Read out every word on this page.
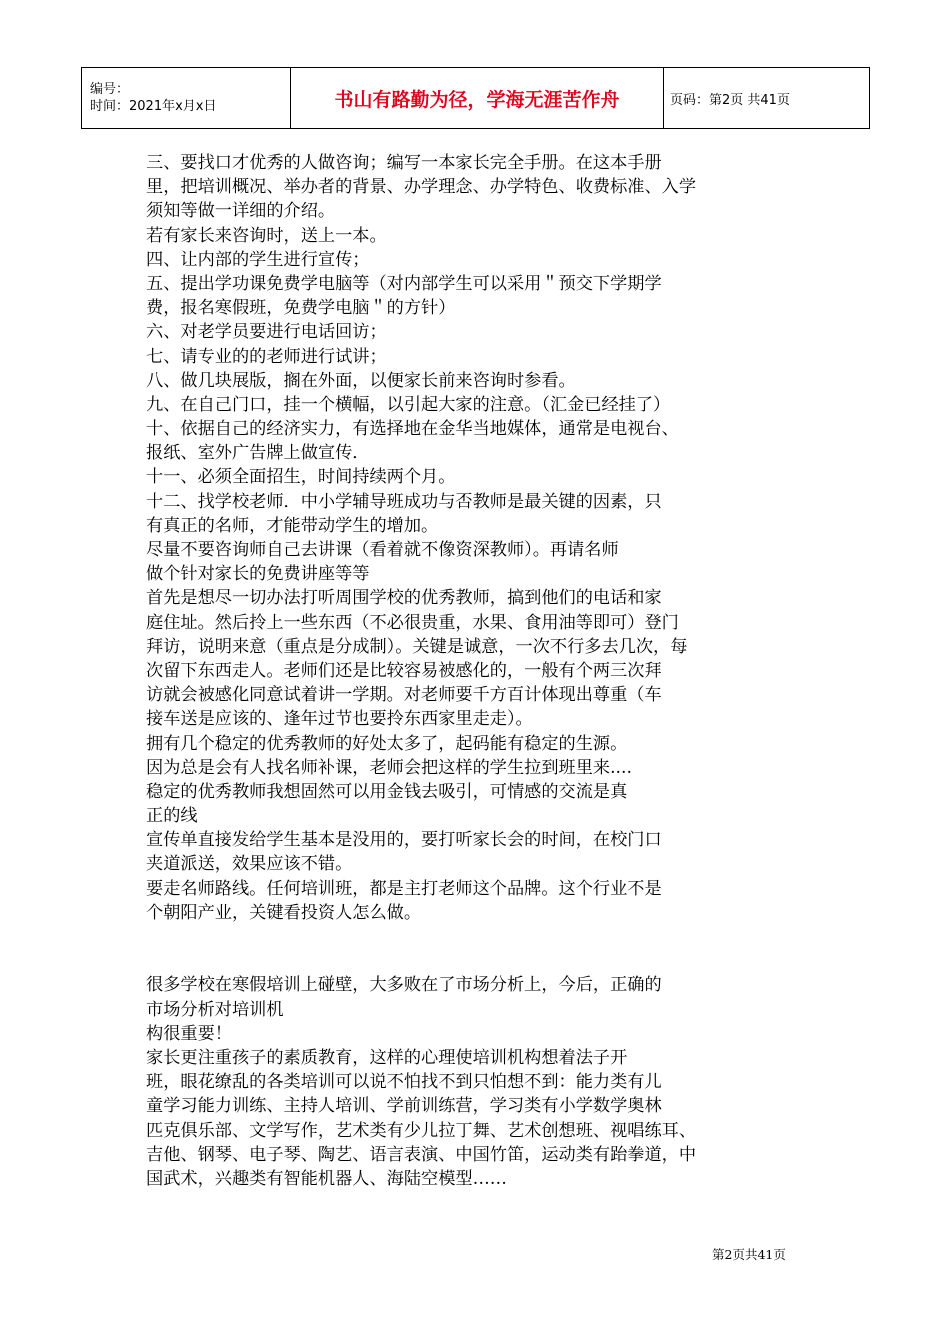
编号：
时间：2021年x月x日	书山有路勤为径，学海无涯苦作舟	页码：第2页 共41页
三、要找口才优秀的人做咨询；编写一本家长完全手册。在这本手册
里，把培训概况、举办者的背景、办学理念、办学特色、收费标准、入学
须知等做一详细的介绍。
若有家长来咨询时，送上一本。
四、让内部的学生进行宣传；
五、提出学功课免费学电脑等（对内部学生可以采用＂预交下学期学
费，报名寒假班，免费学电脑＂的方针）
六、对老学员要进行电话回访；
七、请专业的的老师进行试讲；
八、做几块展版，搁在外面，以便家长前来咨询时参看。
九、在自己门口，挂一个横幅，以引起大家的注意。（汇金已经挂了）
十、依据自己的经济实力，有选择地在金华当地媒体，通常是电视台、
报纸、室外广告牌上做宣传．
十一、必须全面招生，时间持续两个月。
十二、找学校老师．中小学辅导班成功与否教师是最关键的因素，只
有真正的名师，才能带动学生的增加。
尽量不要咨询师自己去讲课（看着就不像资深教师）。再请名师
做个针对家长的免费讲座等等
首先是想尽一切办法打听周围学校的优秀教师，搞到他们的电话和家
庭住址。然后拎上一些东西（不必很贵重，水果、食用油等即可）登门
拜访，说明来意（重点是分成制）。关键是诚意，一次不行多去几次，每
次留下东西走人。老师们还是比较容易被感化的，一般有个两三次拜
访就会被感化同意试着讲一学期。对老师要千方百计体现出尊重（车
接车送是应该的、逢年过节也要拎东西家里走走）。
拥有几个稳定的优秀教师的好处太多了，起码能有稳定的生源。
因为总是会有人找名师补课，老师会把这样的学生拉到班里来....
稳定的优秀教师我想固然可以用金钱去吸引，可情感的交流是真
正的线
宣传单直接发给学生基本是没用的，要打听家长会的时间，在校门口
夹道派送，效果应该不错。
要走名师路线。任何培训班，都是主打老师这个品牌。这个行业不是
个朝阳产业，关键看投资人怎么做。
很多学校在寒假培训上碰壁，大多败在了市场分析上，今后，正确的
市场分析对培训机
构很重要！
家长更注重孩子的素质教育，这样的心理使培训机构想着法子开
班，眼花缭乱的各类培训可以说不怕找不到只怕想不到：能力类有儿
童学习能力训练、主持人培训、学前训练营，学习类有小学数学奥林
匹克俱乐部、文学写作，艺术类有少儿拉丁舞、艺术创想班、视唱练耳、
吉他、钢琴、电子琴、陶艺、语言表演、中国竹笛，运动类有跆拳道，中
国武术，兴趣类有智能机器人、海陆空模型……
第2页共41页
